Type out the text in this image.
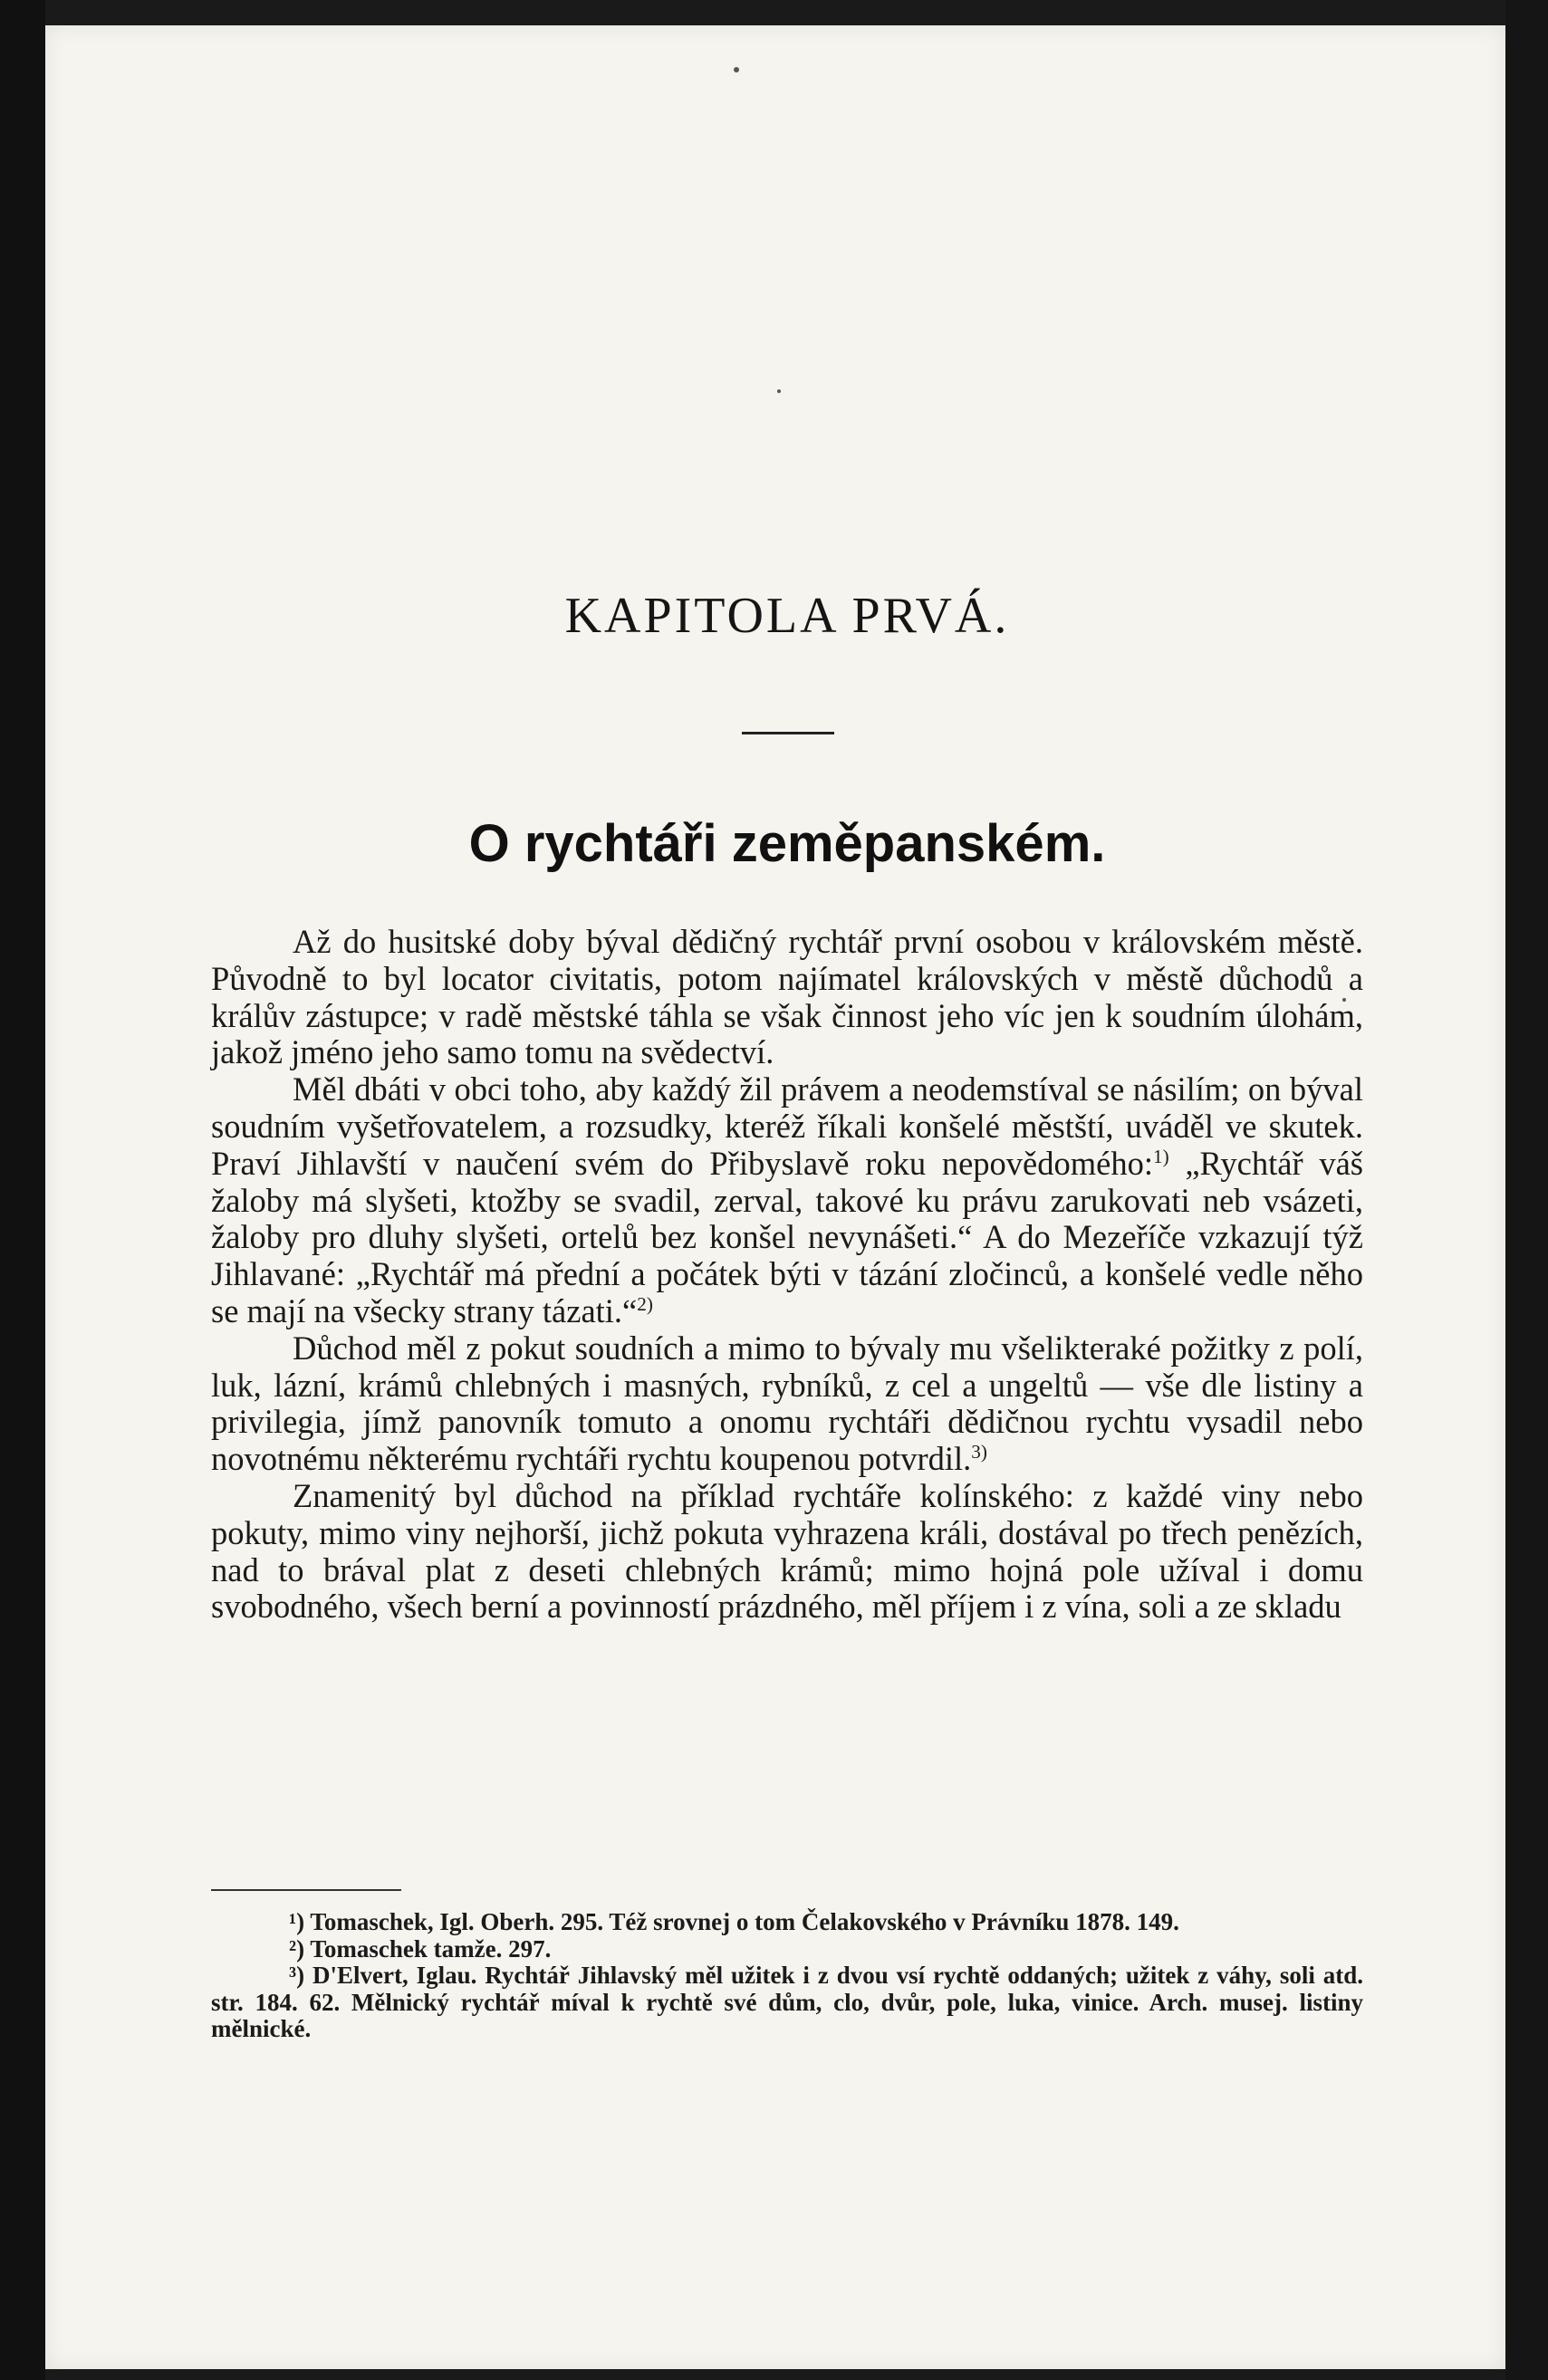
KAPITOLA PRVÁ.
O rychtáři zeměpanském.

Až do husitské doby býval dědičný rychtář první osobou v královském městě. Původně to byl locator civitatis, potom najímatel královských v městě důchodů a králův zástupce; v radě městské táhla se však činnost jeho víc jen k soudním úlohám, jakož jméno jeho samo tomu na svědectví.

Měl dbáti v obci toho, aby každý žil právem a neodemstíval se násilím; on býval soudním vyšetřovatelem, a rozsudky, kteréž říkali konšelé městští, uváděl ve skutek. Praví Jihlavští v naučení svém do Přibyslavě roku nepovědomého:$^{1)}$ „Rychtář váš žaloby má slyšeti, ktožby se svadil, zerval, takové ku právu zarukovati neb vsázeti, žaloby pro dluhy slyšeti, ortelů bez konšel nevynášeti.“ A do Mezeříče vzkazují týž Jihlavané: „Rychtář má přední a počátek býti v tázání zločinců, a konšelé vedle něho se mají na všecky strany tázati.“$^{2)}$

Důchod měl z pokut soudních a mimo to bývaly mu všelikteraké požitky z polí, luk, lázní, krámů chlebných i masných, rybníků, z cel a ungeltů — vše dle listiny a privilegia, jímž panovník tomuto a onomu rychtáři dědičnou rychtu vysadil nebo novotnému některému rychtáři rychtu koupenou potvrdil.$^{3)}$

Znamenitý byl důchod na příklad rychtáře kolínského: z každé viny nebo pokuty, mimo viny nejhorší, jichž pokuta vyhrazena králi, dostával po třech penězích, nad to brával plat z deseti chlebných krámů; mimo hojná pole užíval i domu svobodného, všech berní a povinností prázdného, měl příjem i z vína, soli a ze skladu

¹) Tomaschek, Igl. Oberh. 295. Též srovnej o tom Čelakovského v Právníku 1878. 149.

²) Tomaschek tamže. 297.

³) D'Elvert, Iglau. Rychtář Jihlavský měl užitek i z dvou vsí rychtě oddaných; užitek z váhy, soli atd. str. 184. 62. Mělnický rychtář míval k rychtě své dům, clo, dvůr, pole, luka, vinice. Arch. musej. listiny mělnické.
